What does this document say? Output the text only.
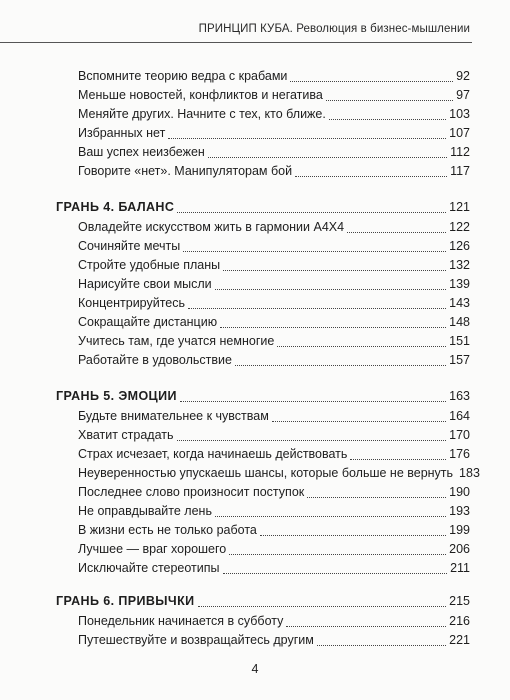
ПРИНЦИП КУБА. Революция в бизнес-мышлении
Вспомните теорию ведра с крабами	92
Меньше новостей, конфликтов и негатива	97
Меняйте других. Начните с тех, кто ближе.	103
Избранных нет	107
Ваш успех неизбежен	112
Говорите «нет». Манипуляторам бой	117
ГРАНЬ 4. БАЛАНС	121
Овладейте искусством жить в гармонии А4Х4	122
Сочиняйте мечты	126
Стройте удобные планы	132
Нарисуйте свои мысли	139
Концентрируйтесь	143
Сокращайте дистанцию	148
Учитесь там, где учатся немногие	151
Работайте в удовольствие	157
ГРАНЬ 5. ЭМОЦИИ	163
Будьте внимательнее к чувствам	164
Хватит страдать	170
Страх исчезает, когда начинаешь действовать	176
Неуверенностью упускаешь шансы, которые больше не вернуть 183
Последнее слово произносит поступок	190
Не оправдывайте лень	193
В жизни есть не только работа	199
Лучшее — враг хорошего	206
Исключайте стереотипы	211
ГРАНЬ 6. ПРИВЫЧКИ	215
Понедельник начинается в субботу	216
Путешествуйте и возвращайтесь другим	221
4
